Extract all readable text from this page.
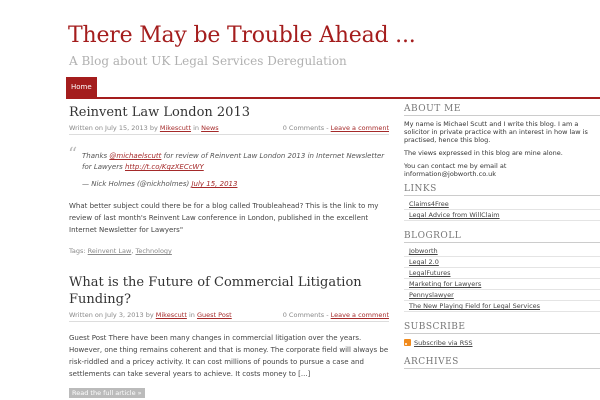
There May be Trouble Ahead ...
A Blog about UK Legal Services Deregulation
Home
Reinvent Law London 2013
Written on July 15, 2013 by Mikescutt in News	0 Comments - Leave a comment
“ Thanks @michaelscutt for review of Reinvent Law London 2013 in Internet Newsletter for Lawyers http://t.co/KqzXECcWY
— Nick Holmes (@nickholmes) July 15, 2013
What better subject could there be for a blog called Troubleahead? This is the link to my review of last month's Reinvent Law conference in London, published in the excellent Internet Newsletter for Lawyers"
Tags: Reinvent Law, Technology
What is the Future of Commercial Litigation Funding?
Written on July 3, 2013 by Mikescutt in Guest Post	0 Comments - Leave a comment
Guest Post There have been many changes in commercial litigation over the years. However, one thing remains coherent and that is money. The corporate field will always be risk-riddled and a pricey activity. It can cost millions of pounds to pursue a case and settlements can take several years to achieve. It costs money to [...]
Read the full article »
ABOUT ME

My name is Michael Scutt and I write this blog. I am a solicitor in private practice with an interest in how law is practised, hence this blog.

The views expressed in this blog are mine alone.

You can contact me by email at information@jobworth.co.uk

LINKS
Claims4Free
Legal Advice from WillClaim
BLOGROLL
Jobworth
Legal 2.0
LegalFutures
Marketing for Lawyers
Pennyslawyer
The New Playing Field for Legal Services
SUBSCRIBE
Subscribe via RSS
ARCHIVES
